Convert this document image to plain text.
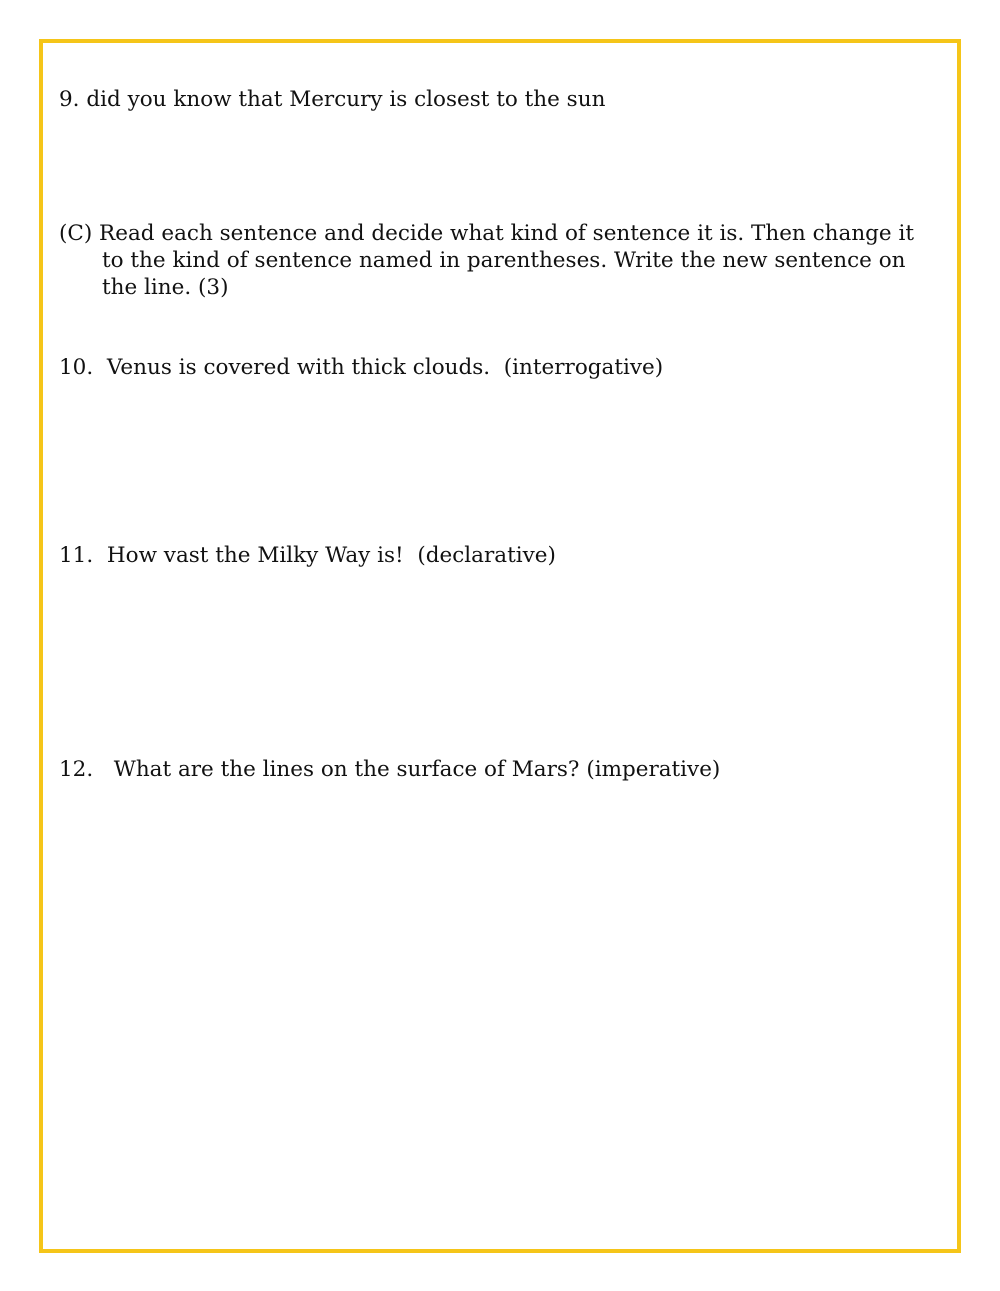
9. did you know that Mercury is closest to the sun
(C) Read each sentence and decide what kind of sentence it is. Then change it
to the kind of sentence named in parentheses. Write the new sentence on
the line. (3)
10. Venus is covered with thick clouds. (interrogative)
11. How vast the Milky Way is! (declarative)
12. What are the lines on the surface of Mars? (imperative)
